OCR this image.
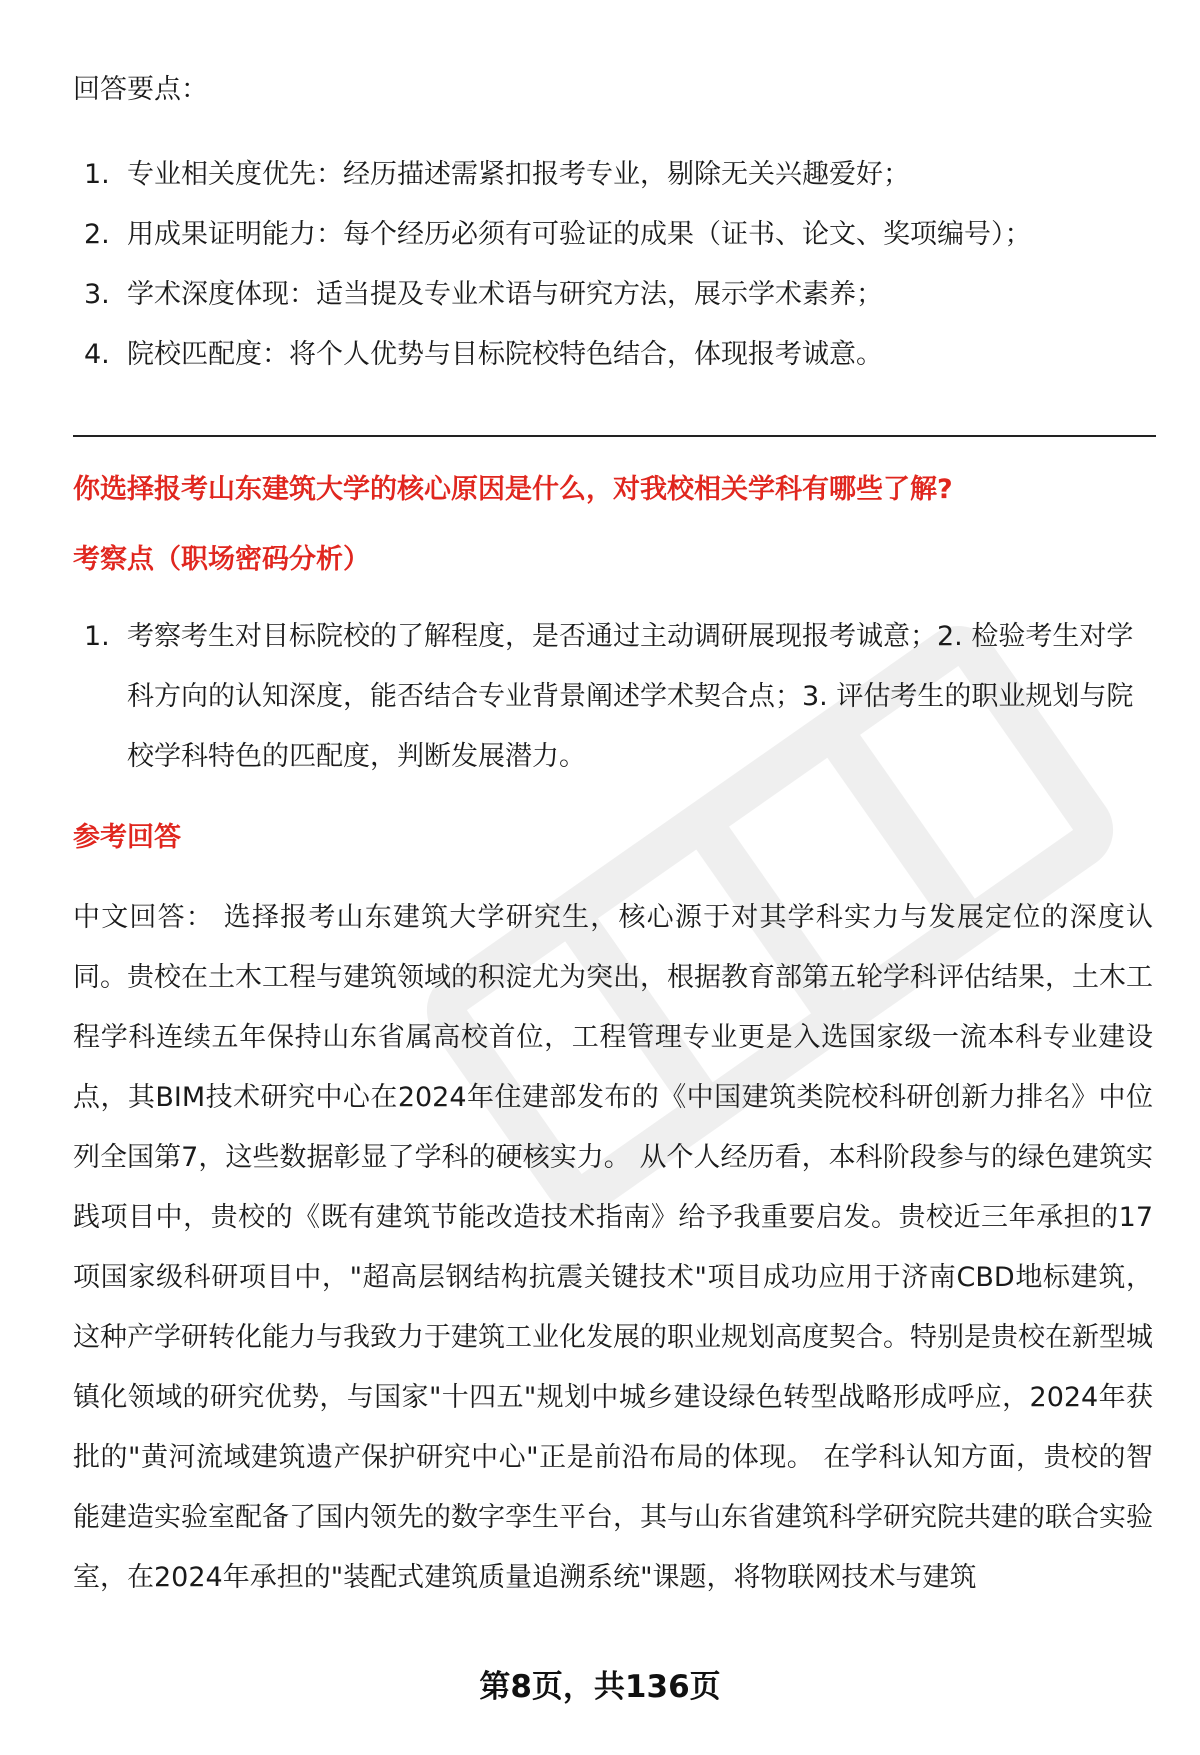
回答要点：
1. 专业相关度优先：经历描述需紧扣报考专业，剔除无关兴趣爱好；
2. 用成果证明能力：每个经历必须有可验证的成果（证书、论文、奖项编号）；
3. 学术深度体现：适当提及专业术语与研究方法，展示学术素养；
4. 院校匹配度：将个人优势与目标院校特色结合，体现报考诚意。
你选择报考山东建筑大学的核心原因是什么，对我校相关学科有哪些了解?
考察点（职场密码分析）
1. 考察考生对目标院校的了解程度，是否通过主动调研展现报考诚意；2. 检验考生对学科方向的认知深度，能否结合专业背景阐述学术契合点；3. 评估考生的职业规划与院校学科特色的匹配度，判断发展潜力。
参考回答
中文回答： 选择报考山东建筑大学研究生，核心源于对其学科实力与发展定位的深度认同。贵校在土木工程与建筑领域的积淀尤为突出，根据教育部第五轮学科评估结果，土木工程学科连续五年保持山东省属高校首位，工程管理专业更是入选国家级一流本科专业建设点，其BIM技术研究中心在2024年住建部发布的《中国建筑类院校科研创新力排名》中位列全国第7，这些数据彰显了学科的硬核实力。 从个人经历看，本科阶段参与的绿色建筑实践项目中，贵校的《既有建筑节能改造技术指南》给予我重要启发。贵校近三年承担的17项国家级科研项目中，"超高层钢结构抗震关键技术"项目成功应用于济南CBD地标建筑，这种产学研转化能力与我致力于建筑工业化发展的职业规划高度契合。特别是贵校在新型城镇化领域的研究优势，与国家"十四五"规划中城乡建设绿色转型战略形成呼应，2024年获批的"黄河流域建筑遗产保护研究中心"正是前沿布局的体现。 在学科认知方面，贵校的智能建造实验室配备了国内领先的数字孪生平台，其与山东省建筑科学研究院共建的联合实验室，在2024年承担的"装配式建筑质量追溯系统"课题，将物联网技术与建筑
第8页，共136页
